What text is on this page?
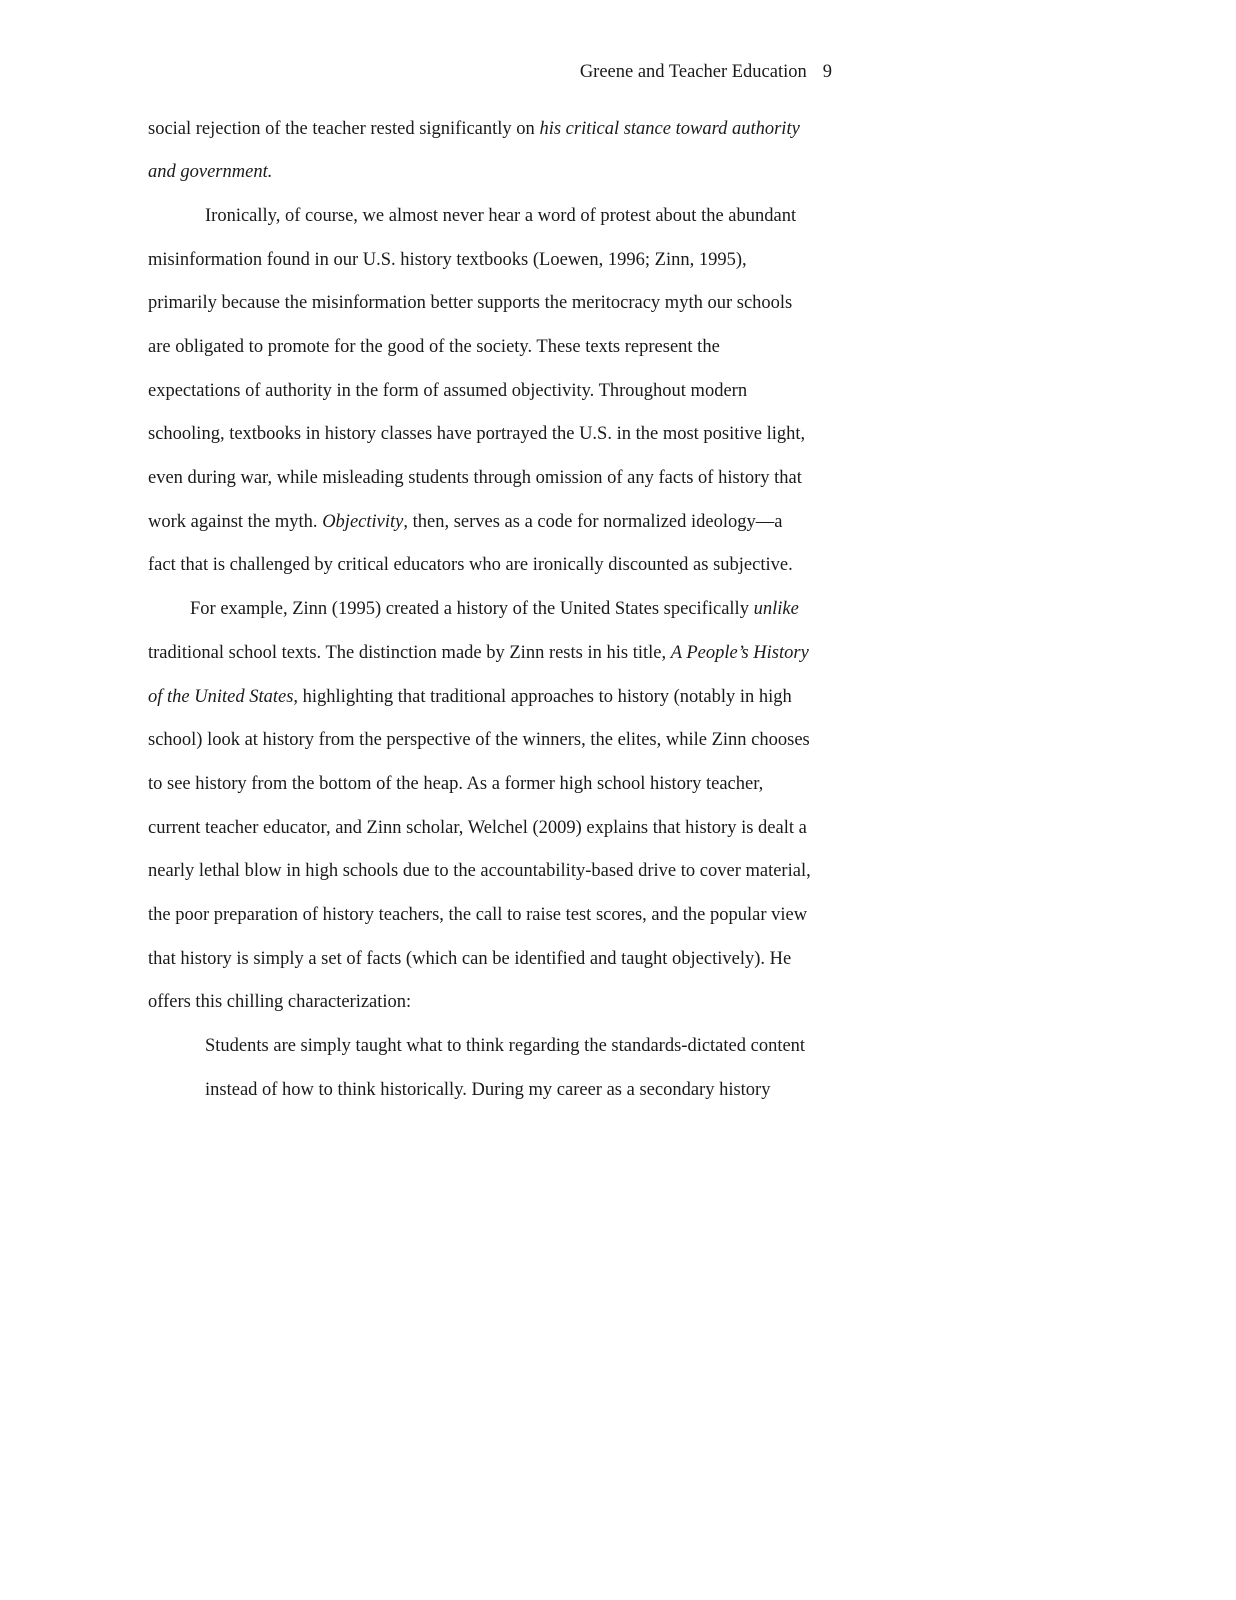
Greene and Teacher Education 9
social rejection of the teacher rested significantly on his critical stance toward authority
and government.
Ironically, of course, we almost never hear a word of protest about the abundant
misinformation found in our U.S. history textbooks (Loewen, 1996; Zinn, 1995),
primarily because the misinformation better supports the meritocracy myth our schools
are obligated to promote for the good of the society. These texts represent the
expectations of authority in the form of assumed objectivity. Throughout modern
schooling, textbooks in history classes have portrayed the U.S. in the most positive light,
even during war, while misleading students through omission of any facts of history that
work against the myth. Objectivity, then, serves as a code for normalized ideology—a
fact that is challenged by critical educators who are ironically discounted as subjective.
For example, Zinn (1995) created a history of the United States specifically unlike
traditional school texts. The distinction made by Zinn rests in his title, A People’s History
of the United States, highlighting that traditional approaches to history (notably in high
school) look at history from the perspective of the winners, the elites, while Zinn chooses
to see history from the bottom of the heap. As a former high school history teacher,
current teacher educator, and Zinn scholar, Welchel (2009) explains that history is dealt a
nearly lethal blow in high schools due to the accountability-based drive to cover material,
the poor preparation of history teachers, the call to raise test scores, and the popular view
that history is simply a set of facts (which can be identified and taught objectively). He
offers this chilling characterization:
Students are simply taught what to think regarding the standards-dictated content
instead of how to think historically. During my career as a secondary history
